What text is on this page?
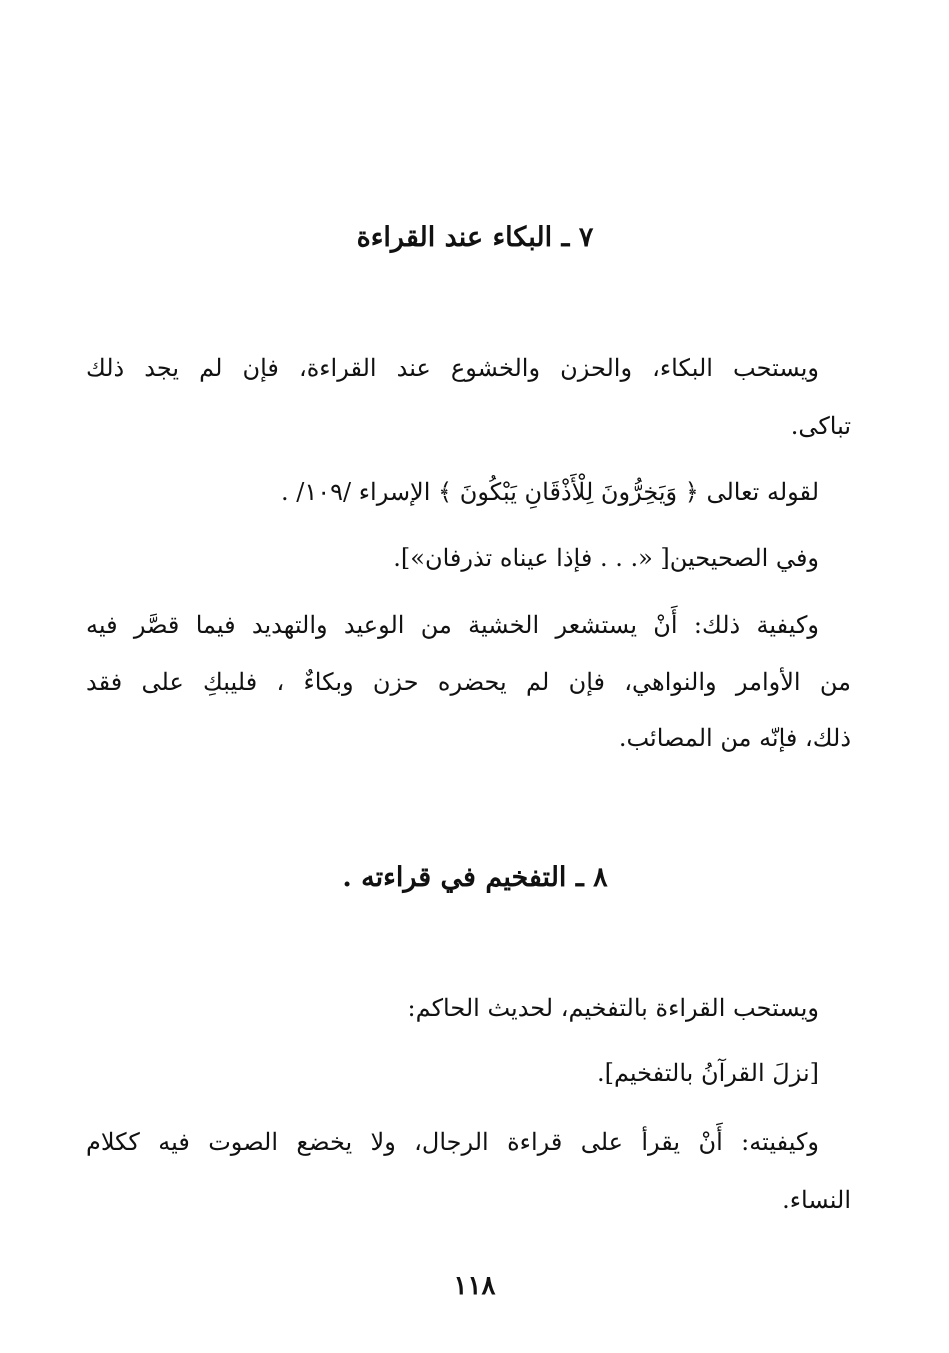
٧ ـ البكاء عند القراءة
ويستحب البكاء، والحزن والخشوع عند القراءة، فإن لم يجد ذلك
تباكى.
لقوله تعالى ﴿ وَيَخِرُّونَ لِلْأَذْقَانِ يَبْكُونَ ﴾ الإسراء /١٠٩/ .
وفي الصحيحين[ «. . . فإذا عيناه تذرفان»].
وكيفية ذلك: أَنْ يستشعر الخشية من الوعيد والتهديد فيما قصَّر فيه
من الأوامر والنواهي، فإن لم يحضره حزن وبكاءٌ ، فليبكِ على فقد
ذلك، فإنّه من المصائب.
٨ ـ التفخيم في قراءته .
ويستحب القراءة بالتفخيم، لحديث الحاكم:
[نزلَ القرآنُ بالتفخيم].
وكيفيته: أَنْ يقرأ على قراءة الرجال، ولا يخضع الصوت فيه ككلام
النساء.
١١٨
